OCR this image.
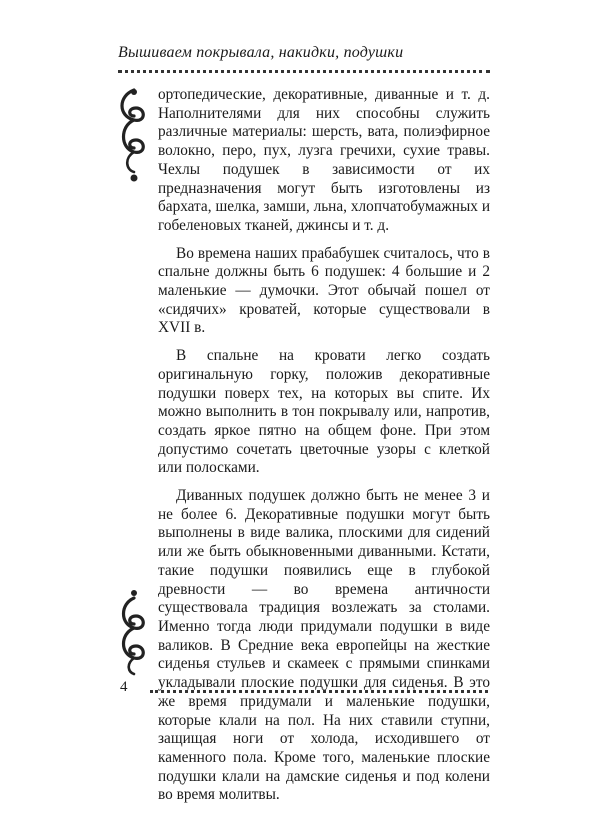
Вышиваем покрывала, накидки, подушки

ортопедические, декоративные, диванные и т. д. Наполнителями для них способны служить различные материалы: шерсть, вата, полиэфирное волокно, перо, пух, лузга гречихи, сухие травы. Чехлы подушек в зависимости от их предназначения могут быть изготовлены из бархата, шелка, замши, льна, хлопчатобумажных и гобеленовых тканей, джинсы и т. д.

Во времена наших прабабушек считалось, что в спальне должны быть 6 подушек: 4 большие и 2 маленькие — думочки. Этот обычай пошел от «сидячих» кроватей, которые существовали в XVII в.

В спальне на кровати легко создать оригинальную горку, положив декоративные подушки поверх тех, на которых вы спите. Их можно выполнить в тон покрывалу или, напротив, создать яркое пятно на общем фоне. При этом допустимо сочетать цветочные узоры с клеткой или полосками.

Диванных подушек должно быть не менее 3 и не более 6. Декоративные подушки могут быть выполнены в виде валика, плоскими для сидений или же быть обыкновенными диванными. Кстати, такие подушки появились еще в глубокой древности — во времена античности существовала традиция возлежать за столами. Именно тогда люди придумали подушки в виде валиков. В Средние века европейцы на жесткие сиденья стульев и скамеек с прямыми спинками укладывали плоские подушки для сиденья. В это же время придумали и маленькие подушки, которые клали на пол. На них ставили ступни, защищая ноги от холода, исходившего от каменного пола. Кроме того, маленькие плоские подушки клали на дамские сиденья и под колени во время молитвы.

4
